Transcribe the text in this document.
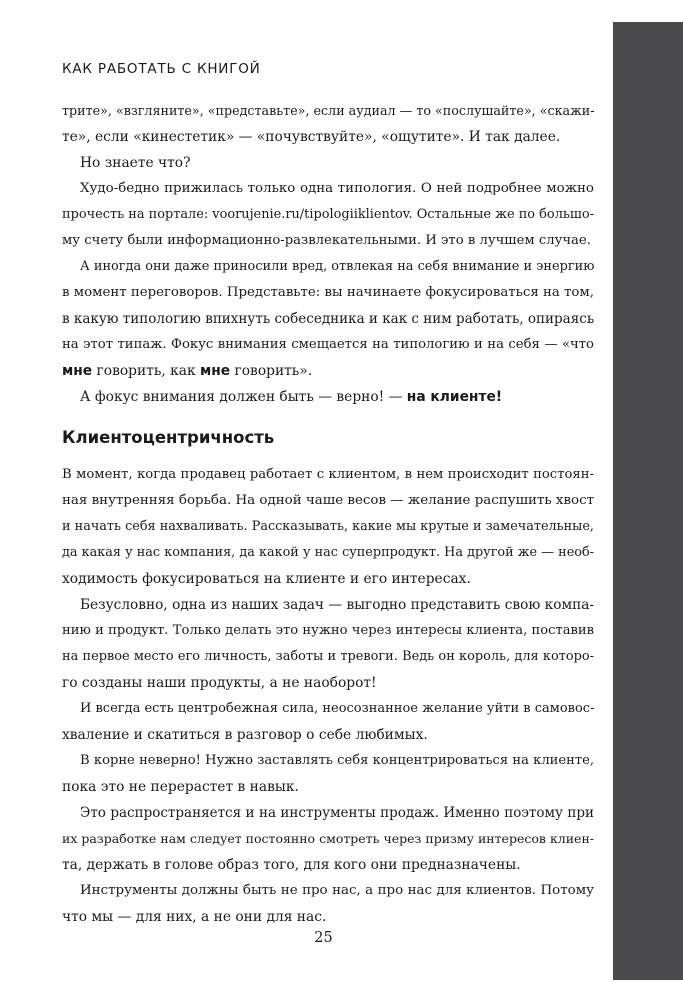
КАК РАБОТАТЬ С КНИГОЙ
трите», «взгляните», «представьте», если аудиал — то «послушайте», «скажи-
те», если «кинестетик» — «почувствуйте», «ощутите». И так далее.
Но знаете что?
Худо-бедно прижилась только одна типология. О ней подробнее можно
прочесть на портале: voorujenie.ru/tipologiiklientov. Остальные же по большо-
му счету были информационно-развлекательными. И это в лучшем случае.
А иногда они даже приносили вред, отвлекая на себя внимание и энергию
в момент переговоров. Представьте: вы начинаете фокусироваться на том,
в какую типологию впихнуть собеседника и как с ним работать, опираясь
на этот типаж. Фокус внимания смещается на типологию и на себя — «что
мне говорить, как мне говорить».
А фокус внимания должен быть — верно! — на клиенте!
Клиентоцентричность
В момент, когда продавец работает с клиентом, в нем происходит постоян-
ная внутренняя борьба. На одной чаше весов — желание распушить хвост
и начать себя нахваливать. Рассказывать, какие мы крутые и замечательные,
да какая у нас компания, да какой у нас суперпродукт. На другой же — необ-
ходимость фокусироваться на клиенте и его интересах.
Безусловно, одна из наших задач — выгодно представить свою компа-
нию и продукт. Только делать это нужно через интересы клиента, поставив
на первое место его личность, заботы и тревоги. Ведь он король, для которо-
го созданы наши продукты, а не наоборот!
И всегда есть центробежная сила, неосознанное желание уйти в самовос-
хваление и скатиться в разговор о себе любимых.
В корне неверно! Нужно заставлять себя концентрироваться на клиенте,
пока это не перерастет в навык.
Это распространяется и на инструменты продаж. Именно поэтому при
их разработке нам следует постоянно смотреть через призму интересов клиен-
та, держать в голове образ того, для кого они предназначены.
Инструменты должны быть не про нас, а про нас для клиентов. Потому
что мы — для них, а не они для нас.
25
